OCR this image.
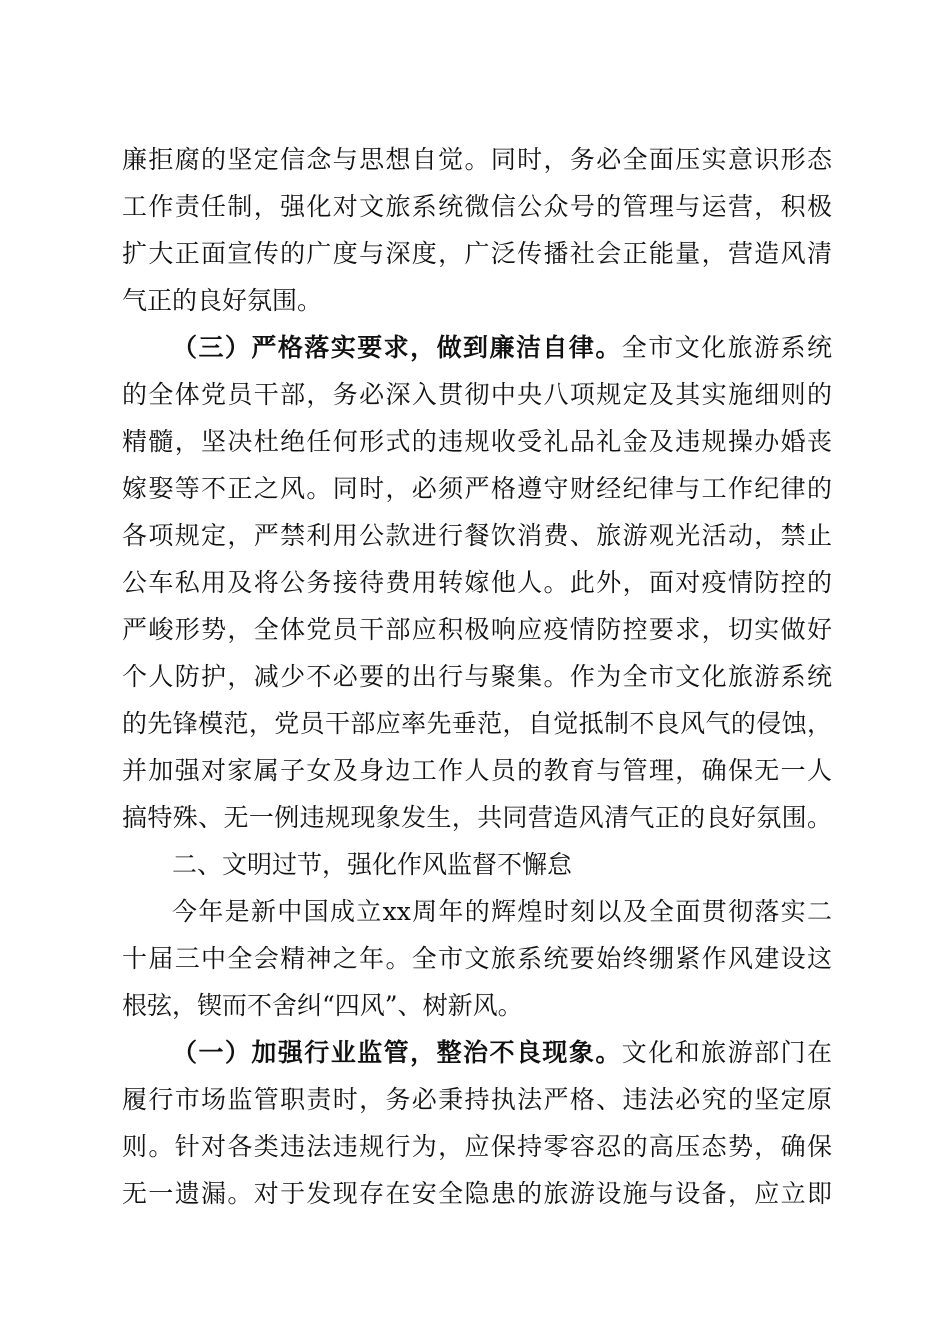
廉拒腐的坚定信念与思想自觉。同时，务必全面压实意识形态
工作责任制，强化对文旅系统微信公众号的管理与运营，积极
扩大正面宣传的广度与深度，广泛传播社会正能量，营造风清
气正的良好氛围。
（三）严格落实要求，做到廉洁自律。全市文化旅游系统
的全体党员干部，务必深入贯彻中央八项规定及其实施细则的
精髓，坚决杜绝任何形式的违规收受礼品礼金及违规操办婚丧
嫁娶等不正之风。同时，必须严格遵守财经纪律与工作纪律的
各项规定，严禁利用公款进行餐饮消费、旅游观光活动，禁止
公车私用及将公务接待费用转嫁他人。此外，面对疫情防控的
严峻形势，全体党员干部应积极响应疫情防控要求，切实做好
个人防护，减少不必要的出行与聚集。作为全市文化旅游系统
的先锋模范，党员干部应率先垂范，自觉抵制不良风气的侵蚀，
并加强对家属子女及身边工作人员的教育与管理，确保无一人
搞特殊、无一例违规现象发生，共同营造风清气正的良好氛围。
二、文明过节，强化作风监督不懈怠
今年是新中国成立xx周年的辉煌时刻以及全面贯彻落实二
十届三中全会精神之年。全市文旅系统要始终绷紧作风建设这
根弦，锲而不舍纠“四风”、树新风。
（一）加强行业监管，整治不良现象。文化和旅游部门在
履行市场监管职责时，务必秉持执法严格、违法必究的坚定原
则。针对各类违法违规行为，应保持零容忍的高压态势，确保
无一遗漏。对于发现存在安全隐患的旅游设施与设备，应立即
